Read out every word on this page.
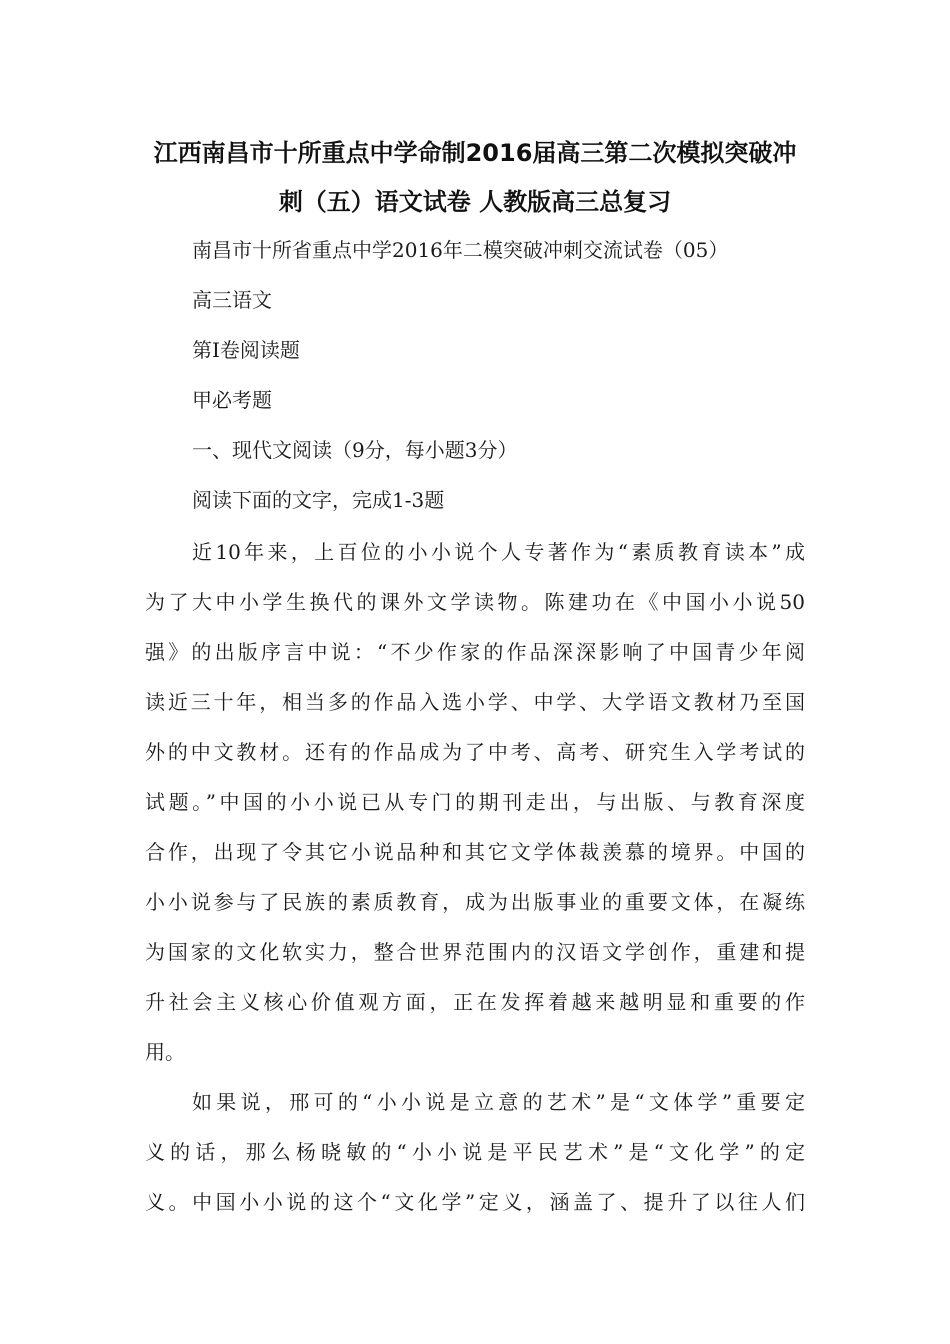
江西南昌市十所重点中学命制2016届高三第二次模拟突破冲
刺（五）语文试卷 人教版高三总复习
南昌市十所省重点中学2016年二模突破冲刺交流试卷（05）
高三语文
第Ⅰ卷阅读题
甲必考题
一、现代文阅读（9分，每小题3分）
阅读下面的文字，完成1-3题
近10年来，上百位的小小说个人专著作为“素质教育读本”成
为了大中小学生换代的课外文学读物。陈建功在《中国小小说50
强》的出版序言中说：“不少作家的作品深深影响了中国青少年阅
读近三十年，相当多的作品入选小学、中学、大学语文教材乃至国
外的中文教材。还有的作品成为了中考、高考、研究生入学考试的
试题。”中国的小小说已从专门的期刊走出，与出版、与教育深度
合作，出现了令其它小说品种和其它文学体裁羡慕的境界。中国的
小小说参与了民族的素质教育，成为出版事业的重要文体，在凝练
为国家的文化软实力，整合世界范围内的汉语文学创作，重建和提
升社会主义核心价值观方面，正在发挥着越来越明显和重要的作
用。
如果说，邢可的“小小说是立意的艺术”是“文体学”重要定
义的话，那么杨晓敏的“小小说是平民艺术”是“文化学”的定
义。中国小小说的这个“文化学”定义，涵盖了、提升了以往人们
